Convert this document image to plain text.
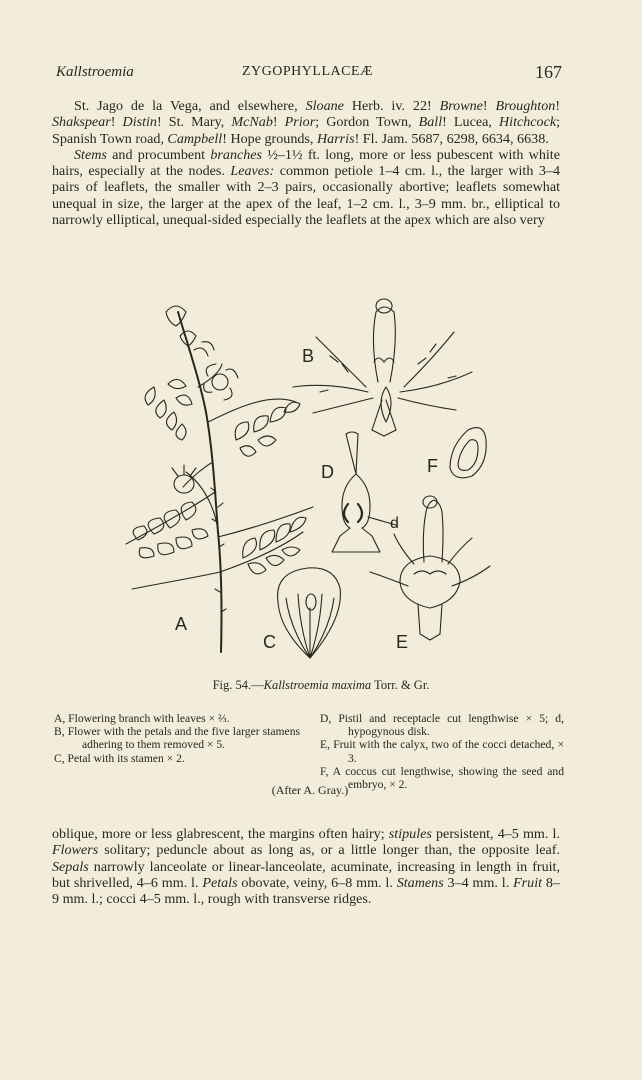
Kallstroemia	ZYGOPHYLLACEÆ	167

St. Jago de la Vega, and elsewhere, Sloane Herb. iv. 22! Browne! Broughton! Shakspear! Distin! St. Mary, McNab! Prior; Gordon Town, Ball! Lucea, Hitchcock; Spanish Town road, Campbell! Hope grounds, Harris! Fl. Jam. 5687, 6298, 6634, 6638.

Stems and procumbent branches ½–1½ ft. long, more or less pubescent with white hairs, especially at the nodes. Leaves: common petiole 1–4 cm. l., the larger with 3–4 pairs of leaflets, the smaller with 2–3 pairs, occasionally abortive; leaflets somewhat unequal in size, the larger at the apex of the leaf, 1–2 cm. l., 3–9 mm. br., elliptical to narrowly elliptical, unequal-sided especially the leaflets at the apex which are also very

A
B
C
D
d
E
F
Fig. 54.—Kallstroemia maxima Torr. & Gr.
A, Flowering branch with leaves × ⅔.
B, Flower with the petals and the five larger stamens adhering to them removed × 5.
C, Petal with its stamen × 2.
D, Pistil and receptacle cut lengthwise × 5; d, hypogynous disk.
E, Fruit with the calyx, two of the cocci detached, × 3.
F, A coccus cut lengthwise, showing the seed and embryo, × 2.
(After A. Gray.)

oblique, more or less glabrescent, the margins often hairy; stipules persistent, 4–5 mm. l. Flowers solitary; peduncle about as long as, or a little longer than, the opposite leaf. Sepals narrowly lanceolate or linear-lanceolate, acuminate, increasing in length in fruit, but shrivelled, 4–6 mm. l. Petals obovate, veiny, 6–8 mm. l. Stamens 3–4 mm. l. Fruit 8–9 mm. l.; cocci 4–5 mm. l., rough with transverse ridges.
